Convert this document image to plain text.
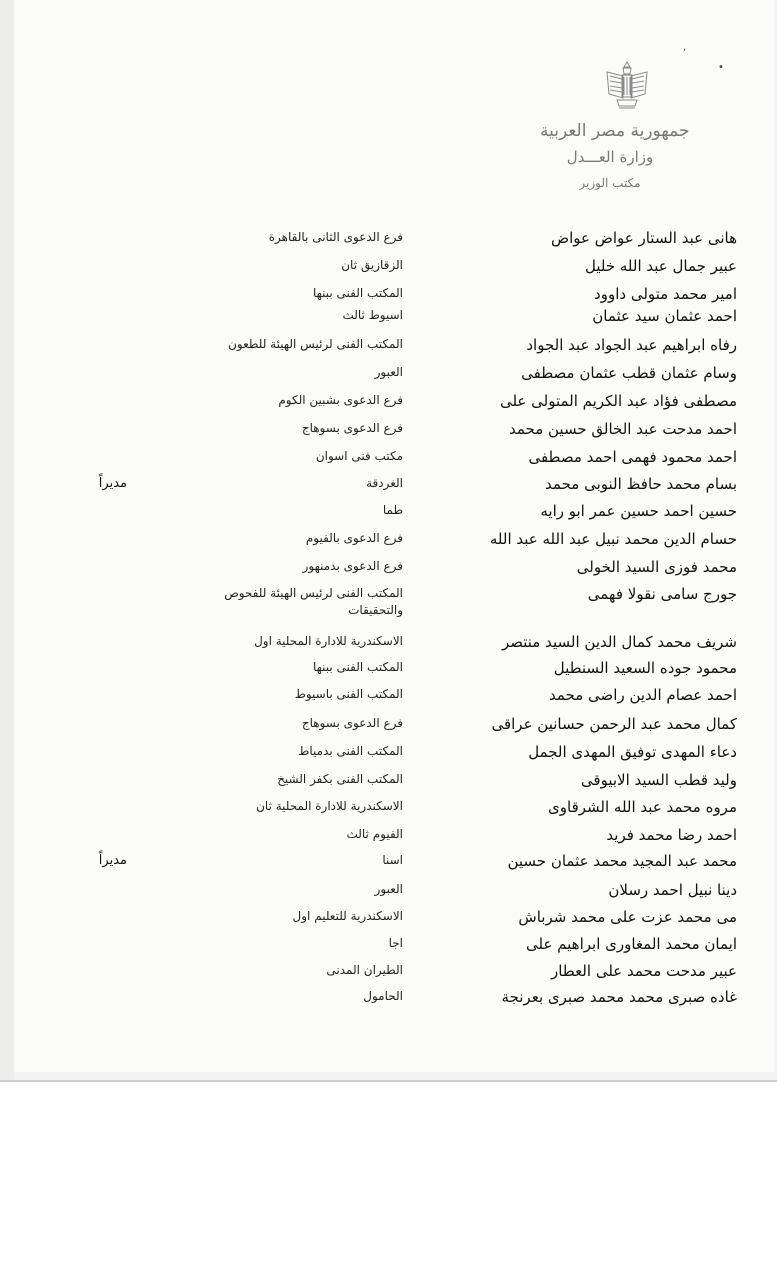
•
,
جمهورية مصر العربية
وزارة العـــدل
مكتب الوزير
هانى عبد الستار عواض عواض
فرع الدعوى الثانى بالقاهرة
عبير جمال عبد الله خليل
الزقازيق ثان
امير محمد متولى داوود
المكتب الفنى ببنها
احمد عثمان سيد عثمان
اسيوط ثالث
رفاه ابراهيم عبد الجواد عبد الجواد
المكتب الفنى لرئيس الهيئة للطعون
وسام عثمان قطب عثمان مصطفى
العبور
مصطفى فؤاد عبد الكريم المتولى على
فرع الدعوى بشبين الكوم
احمد مدحت عبد الخالق حسين محمد
فرع الدعوى بسوهاج
احمد محمود فهمى احمد مصطفى
مكتب فنى اسوان
بسام محمد حافظ النوبى محمد
الغردقة
مديراً
حسين احمد حسين عمر ابو رايه
طما
حسام الدين محمد نبيل عبد الله عبد الله
فرع الدعوى بالفيوم
محمد فوزى السيد الخولى
فرع الدعوى بدمنهور
جورج سامى نقولا فهمى
المكتب الفنى لرئيس الهيئة للفحوص والتحقيقات
شريف محمد كمال الدين السيد منتصر
الاسكندرية للادارة المحلية اول
محمود جوده السعيد السنطيل
المكتب الفنى ببنها
احمد عصام الدين راضى محمد
المكتب الفنى باسيوط
كمال محمد عبد الرحمن حسانين عراقى
فرع الدعوى بسوهاج
دعاء المهدى توفيق المهدى الجمل
المكتب الفنى بدمياط
وليد قطب السيد الابيوقى
المكتب الفنى بكفر الشيخ
مروه محمد عبد الله الشرقاوى
الاسكندرية للادارة المحلية ثان
احمد رضا محمد فريد
الفيوم ثالث
محمد عبد المجيد محمد عثمان حسين
اسنا
مديراً
دينا نبيل احمد رسلان
العبور
مى محمد عزت على محمد شرباش
الاسكندرية للتعليم اول
ايمان محمد المغاورى ابراهيم على
اجا
عبير مدحت محمد على العطار
الطيران المدنى
غاده صبرى محمد محمد صبرى بعرنجة
الحامول
